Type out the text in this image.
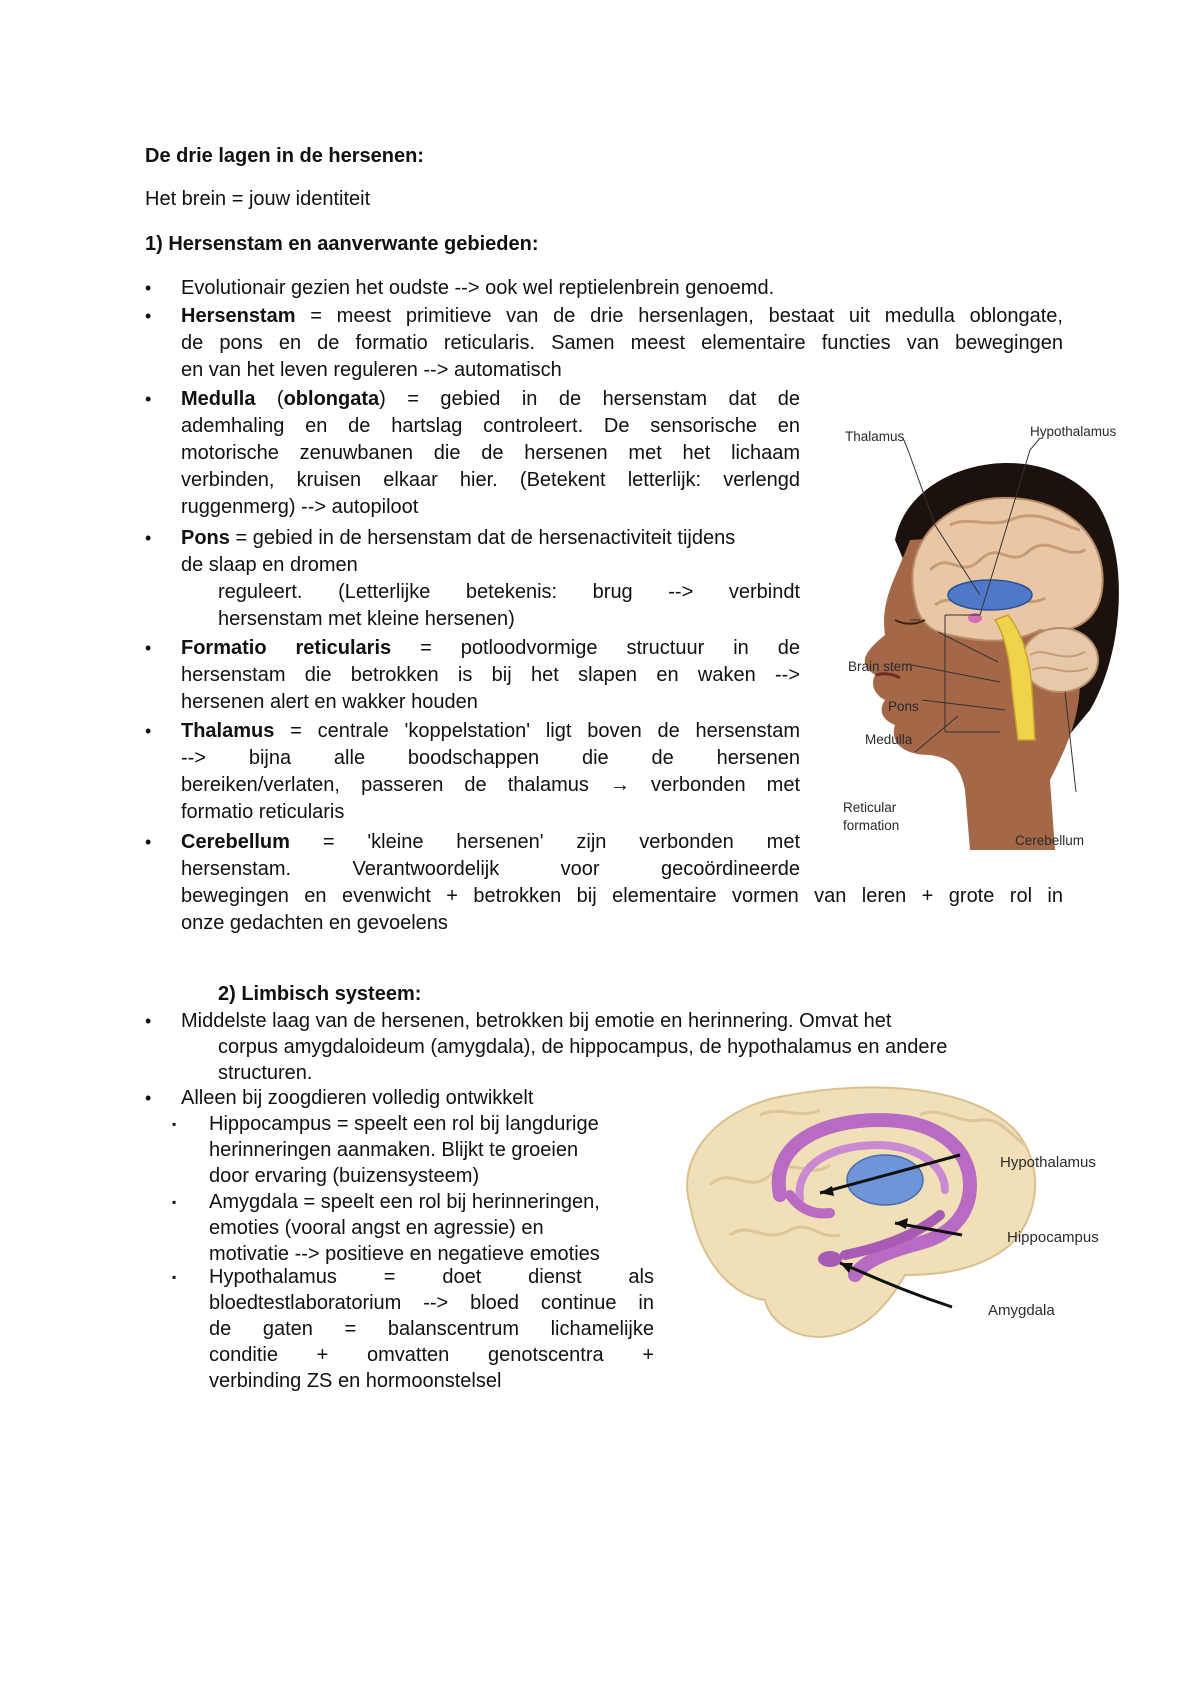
De drie lagen in de hersenen:
Het brein = jouw identiteit
1) Hersenstam en aanverwante gebieden:
• Evolutionair gezien het oudste --> ook wel reptielenbrein genoemd.
• Hersenstam = meest primitieve van de drie hersenlagen, bestaat uit medulla oblongate,
de pons en de formatio reticularis. Samen meest elementaire functies van bewegingen
en van het leven reguleren --> automatisch
• Medulla (oblongata) = gebied in de hersenstam dat de
ademhaling en de hartslag controleert. De sensorische en
motorische zenuwbanen die de hersenen met het lichaam
verbinden, kruisen elkaar hier. (Betekent letterlijk: verlengd
ruggenmerg) --> autopiloot
• Pons = gebied in de hersenstam dat de hersenactiviteit tijdens
de slaap en dromen
reguleert. (Letterlijke betekenis: brug --> verbindt
hersenstam met kleine hersenen)
• Formatio reticularis = potloodvormige structuur in de
hersenstam die betrokken is bij het slapen en waken -->
hersenen alert en wakker houden
• Thalamus = centrale 'koppelstation' ligt boven de hersenstam
--> bijna alle boodschappen die de hersenen
bereiken/verlaten, passeren de thalamus → verbonden met
formatio reticularis
• Cerebellum = 'kleine hersenen' zijn verbonden met
hersenstam. Verantwoordelijk voor gecoördineerde
bewegingen en evenwicht + betrokken bij elementaire vormen van leren + grote rol in
onze gedachten en gevoelens
2) Limbisch systeem:
• Middelste laag van de hersenen, betrokken bij emotie en herinnering. Omvat het
corpus amygdaloideum (amygdala), de hippocampus, de hypothalamus en andere
structuren.
• Alleen bij zoogdieren volledig ontwikkelt
▪ Hippocampus = speelt een rol bij langdurige
herinneringen aanmaken. Blijkt te groeien
door ervaring (buizensysteem)
▪ Amygdala = speelt een rol bij herinneringen,
emoties (vooral angst en agressie) en
motivatie --> positieve en negatieve emoties
▪ Hypothalamus = doet dienst als
bloedtestlaboratorium --> bloed continue in
de gaten = balanscentrum lichamelijke
conditie + omvatten genotscentra +
verbinding ZS en hormoonstelsel
Thalamus	Hypothalamus
Brain stem
Pons
Medulla
Reticular
formation
Cerebellum
Hypothalamus
Hippocampus
Amygdala
